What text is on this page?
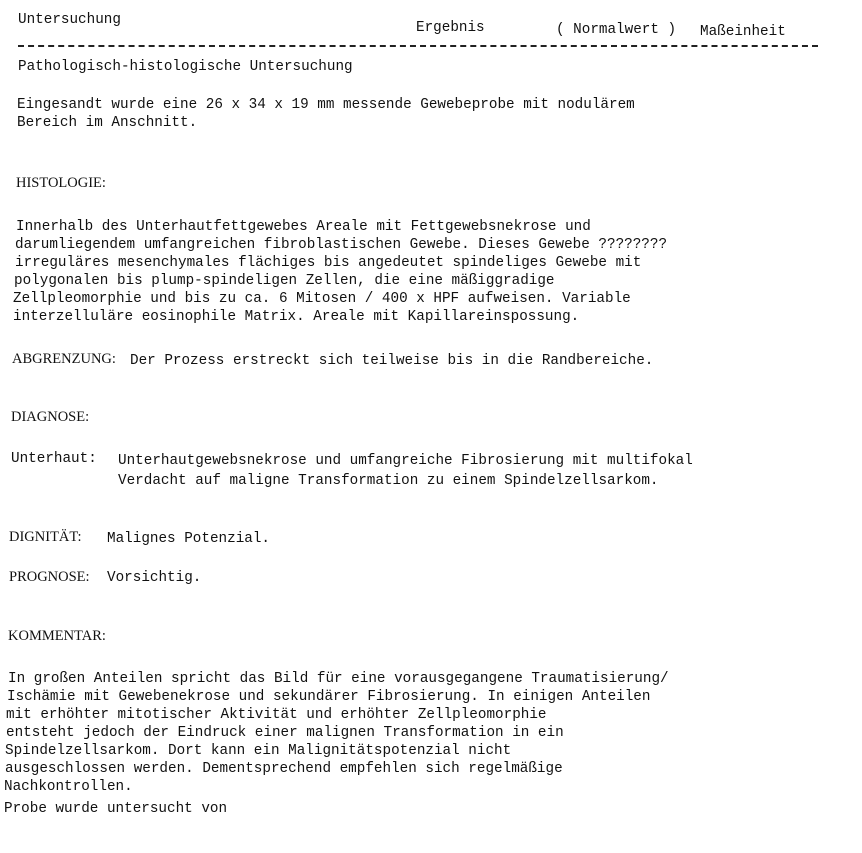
Untersuchung	Ergebnis	( Normalwert ) Maßeinheit
Pathologisch-histologische Untersuchung
Eingesandt wurde eine 26 x 34 x 19 mm messende Gewebeprobe mit nodulärem
Bereich im Anschnitt.
HISTOLOGIE:
Innerhalb des Unterhautfettgewebes Areale mit Fettgewebsnekrose und
darumliegendem umfangreichen fibroblastischen Gewebe. Dieses Gewebe ????????
irreguläres mesenchymales flächiges bis angedeutet spindeliges Gewebe mit
polygonalen bis plump-spindeligen Zellen, die eine mäßiggradige
Zellpleomorphie und bis zu ca. 6 Mitosen / 400 x HPF aufweisen. Variable
interzelluläre eosinophile Matrix. Areale mit Kapillareinspossung.
ABGRENZUNG: Der Prozess erstreckt sich teilweise bis in die Randbereiche.
DIAGNOSE:
Unterhaut: Unterhautgewebsnekrose und umfangreiche Fibrosierung mit multifokal
Verdacht auf maligne Transformation zu einem Spindelzellsarkom.
DIGNITÄT: Malignes Potenzial.
PROGNOSE: Vorsichtig.
KOMMENTAR:
In großen Anteilen spricht das Bild für eine vorausgegangene Traumatisierung/
Ischämie mit Gewebenekrose und sekundärer Fibrosierung. In einigen Anteilen
mit erhöhter mitotischer Aktivität und erhöhter Zellpleomorphie
entsteht jedoch der Eindruck einer malignen Transformation in ein
Spindelzellsarkom. Dort kann ein Malignitätspotenzial nicht
ausgeschlossen werden. Dementsprechend empfehlen sich regelmäßige
Nachkontrollen.
Probe wurde untersucht von
